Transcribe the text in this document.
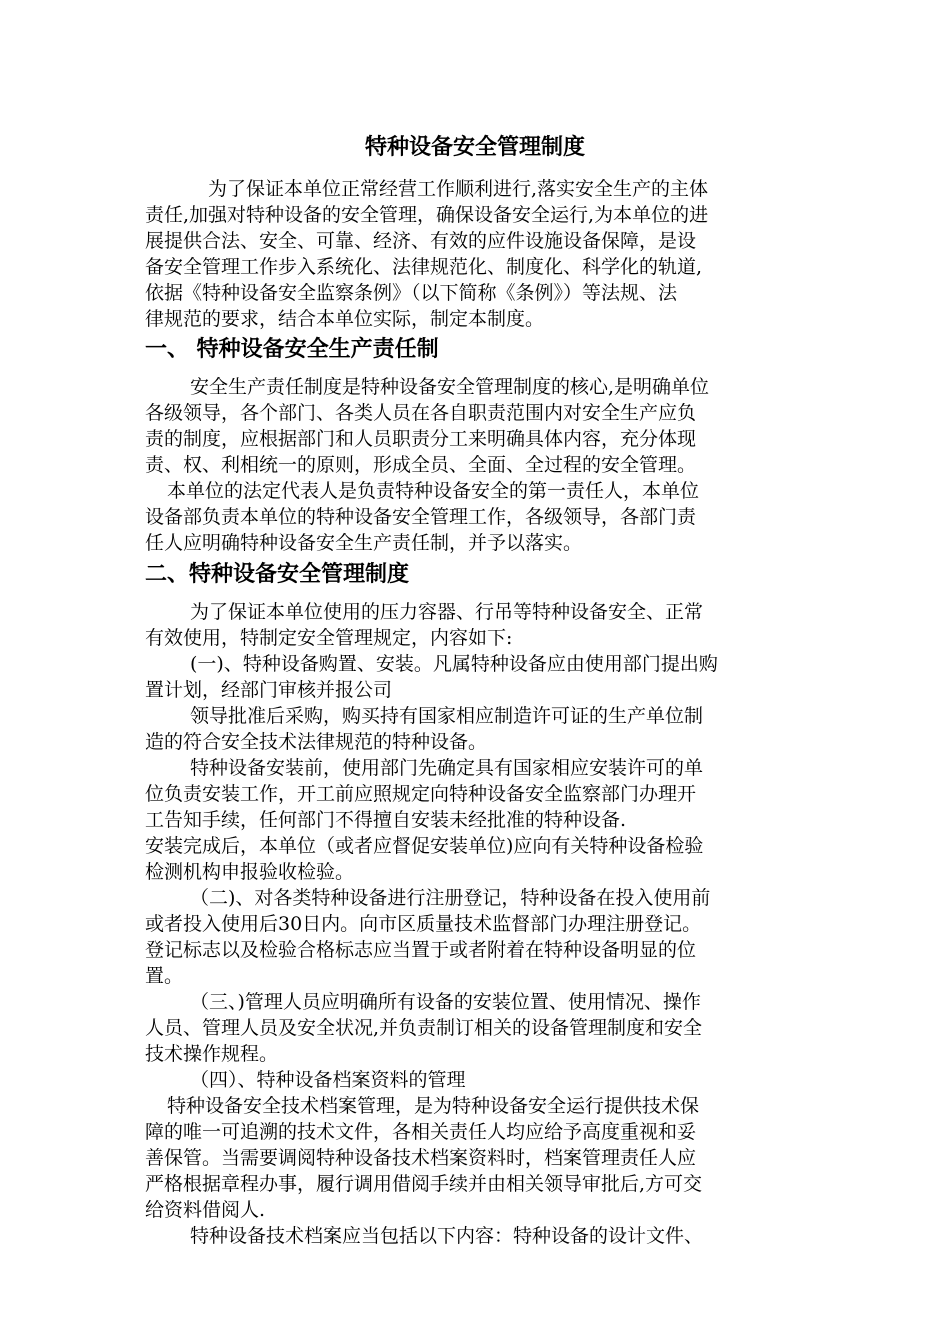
特种设备安全管理制度
为了保证本单位正常经营工作顺利进行,落实安全生产的主体
责任,加强对特种设备的安全管理，确保设备安全运行,为本单位的进
展提供合法、安全、可靠、经济、有效的应件设施设备保障，是设
备安全管理工作步入系统化、法律规范化、制度化、科学化的轨道,
依据《特种设备安全监察条例》（以下简称《条例》）等法规、法
律规范的要求，结合本单位实际，制定本制度。
一、 特种设备安全生产责任制
安全生产责任制度是特种设备安全管理制度的核心,是明确单位
各级领导，各个部门、各类人员在各自职责范围内对安全生产应负
责的制度，应根据部门和人员职责分工来明确具体内容，充分体现
责、权、利相统一的原则，形成全员、全面、全过程的安全管理。
本单位的法定代表人是负责特种设备安全的第一责任人，本单位
设备部负责本单位的特种设备安全管理工作，各级领导，各部门责
任人应明确特种设备安全生产责任制，并予以落实。
二、特种设备安全管理制度
为了保证本单位使用的压力容器、行吊等特种设备安全、正常
有效使用，特制定安全管理规定，内容如下:
(一)、特种设备购置、安装。凡属特种设备应由使用部门提出购
置计划，经部门审核并报公司
领导批准后采购，购买持有国家相应制造许可证的生产单位制
造的符合安全技术法律规范的特种设备。
特种设备安装前，使用部门先确定具有国家相应安装许可的单
位负责安装工作，开工前应照规定向特种设备安全监察部门办理开
工告知手续，任何部门不得擅自安装未经批准的特种设备.
安装完成后，本单位（或者应督促安装单位)应向有关特种设备检验
检测机构申报验收检验。
（二)、对各类特种设备进行注册登记，特种设备在投入使用前
或者投入使用后30日内。向市区质量技术监督部门办理注册登记。
登记标志以及检验合格标志应当置于或者附着在特种设备明显的位
置。
（三、)管理人员应明确所有设备的安装位置、使用情况、操作
人员、管理人员及安全状况,并负责制订相关的设备管理制度和安全
技术操作规程。
（四）、特种设备档案资料的管理
特种设备安全技术档案管理，是为特种设备安全运行提供技术保
障的唯一可追溯的技术文件，各相关责任人均应给予高度重视和妥
善保管。当需要调阅特种设备技术档案资料时，档案管理责任人应
严格根据章程办事，履行调用借阅手续并由相关领导审批后,方可交
给资料借阅人.
特种设备技术档案应当包括以下内容：特种设备的设计文件、
